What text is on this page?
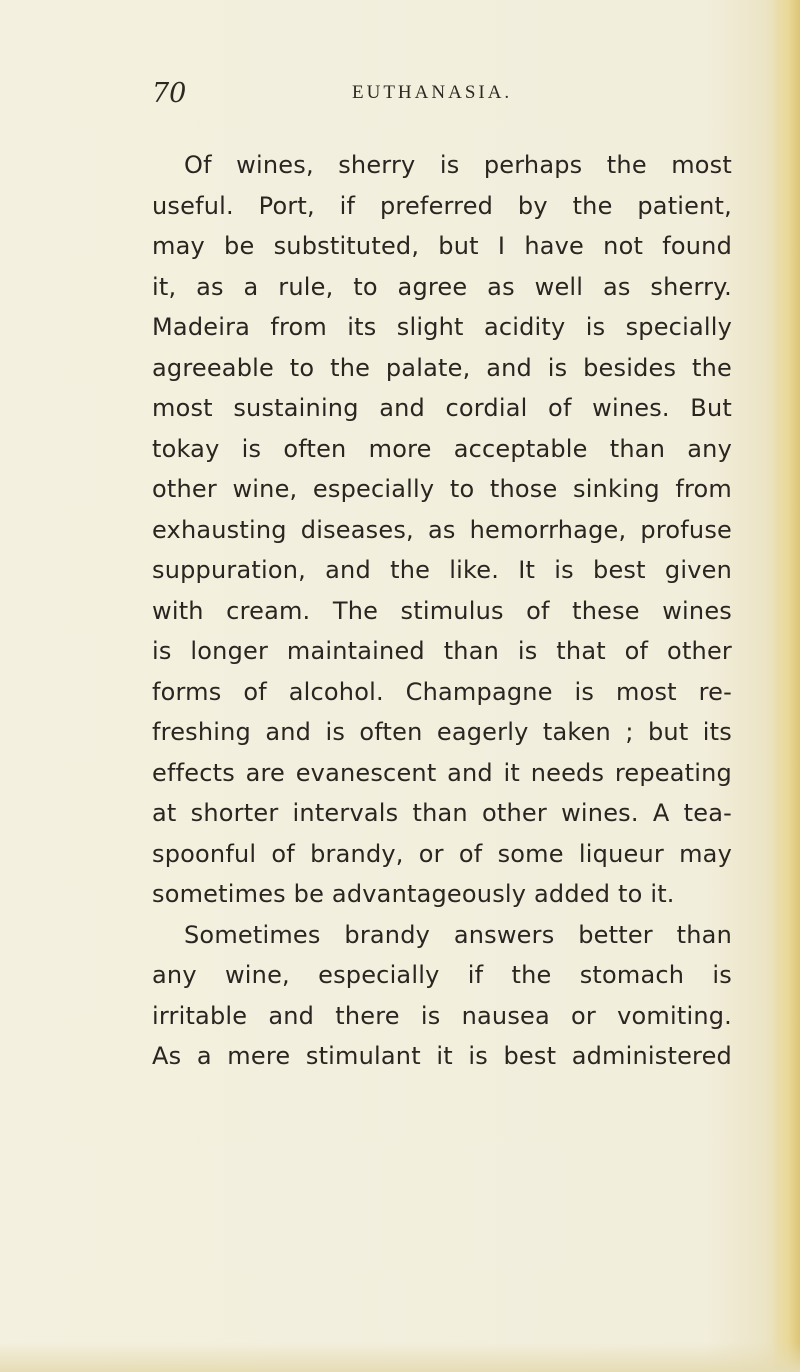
70	EUTHANASIA.
Of wines, sherry is perhaps the most
useful. Port, if preferred by the patient,
may be substituted, but I have not found
it, as a rule, to agree as well as sherry.
Madeira from its slight acidity is specially
agreeable to the palate, and is besides the
most sustaining and cordial of wines. But
tokay is often more acceptable than any
other wine, especially to those sinking from
exhausting diseases, as hemorrhage, profuse
suppuration, and the like. It is best given
with cream. The stimulus of these wines
is longer maintained than is that of other
forms of alcohol. Champagne is most re-
freshing and is often eagerly taken ; but its
effects are evanescent and it needs repeating
at shorter intervals than other wines. A tea-
spoonful of brandy, or of some liqueur may
sometimes be advantageously added to it.
Sometimes brandy answers better than
any wine, especially if the stomach is
irritable and there is nausea or vomiting.
As a mere stimulant it is best administered
